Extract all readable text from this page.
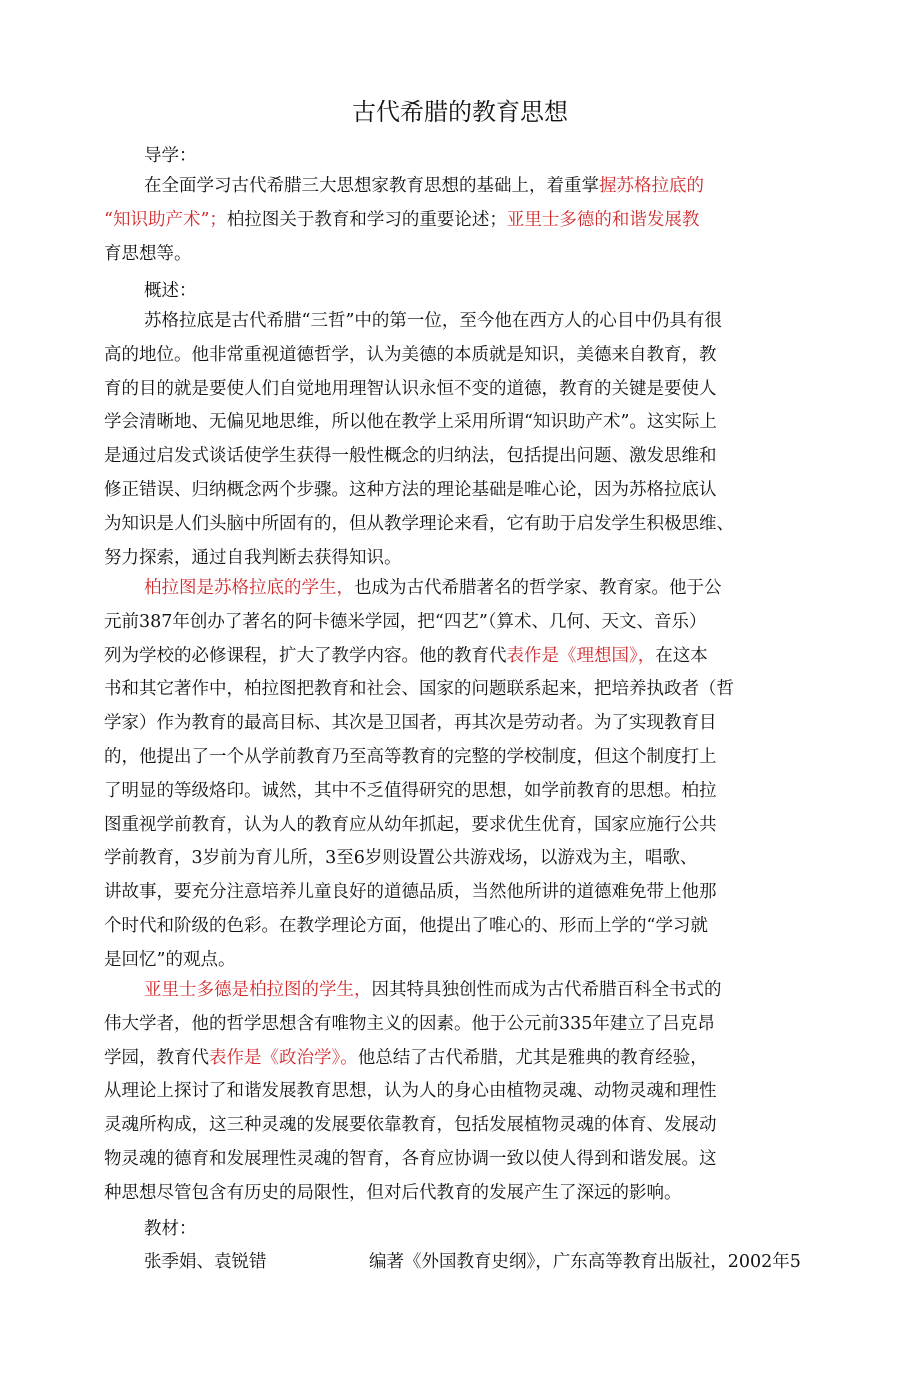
古代希腊的教育思想
导学：
在全面学习古代希腊三大思想家教育思想的基础上，着重掌握苏格拉底的
“知识助产术”；柏拉图关于教育和学习的重要论述；亚里士多德的和谐发展教
育思想等。
概述：
苏格拉底是古代希腊“三哲”中的第一位，至今他在西方人的心目中仍具有很
高的地位。他非常重视道德哲学，认为美德的本质就是知识，美德来自教育，教
育的目的就是要使人们自觉地用理智认识永恒不变的道德，教育的关键是要使人
学会清晰地、无偏见地思维，所以他在教学上采用所谓“知识助产术”。这实际上
是通过启发式谈话使学生获得一般性概念的归纳法，包括提出问题、激发思维和
修正错误、归纳概念两个步骤。这种方法的理论基础是唯心论，因为苏格拉底认
为知识是人们头脑中所固有的，但从教学理论来看，它有助于启发学生积极思维、
努力探索，通过自我判断去获得知识。
柏拉图是苏格拉底的学生，也成为古代希腊著名的哲学家、教育家。他于公
元前387年创办了著名的阿卡德米学园，把“四艺”（算术、几何、天文、音乐）
列为学校的必修课程，扩大了教学内容。他的教育代表作是《理想国》，在这本
书和其它著作中，柏拉图把教育和社会、国家的问题联系起来，把培养执政者（哲
学家）作为教育的最高目标、其次是卫国者，再其次是劳动者。为了实现教育目
的，他提出了一个从学前教育乃至高等教育的完整的学校制度，但这个制度打上
了明显的等级烙印。诚然，其中不乏值得研究的思想，如学前教育的思想。柏拉
图重视学前教育，认为人的教育应从幼年抓起，要求优生优育，国家应施行公共
学前教育，3岁前为育儿所，3至6岁则设置公共游戏场，以游戏为主，唱歌、
讲故事，要充分注意培养儿童良好的道德品质，当然他所讲的道德难免带上他那
个时代和阶级的色彩。在教学理论方面，他提出了唯心的、形而上学的“学习就
是回忆”的观点。
亚里士多德是柏拉图的学生，因其特具独创性而成为古代希腊百科全书式的
伟大学者，他的哲学思想含有唯物主义的因素。他于公元前335年建立了吕克昂
学园，教育代表作是《政治学》。他总结了古代希腊，尤其是雅典的教育经验，
从理论上探讨了和谐发展教育思想，认为人的身心由植物灵魂、动物灵魂和理性
灵魂所构成，这三种灵魂的发展要依靠教育，包括发展植物灵魂的体育、发展动
物灵魂的德育和发展理性灵魂的智育，各育应协调一致以使人得到和谐发展。这
种思想尽管包含有历史的局限性，但对后代教育的发展产生了深远的影响。
教材：
张季娟、袁锐错	编著《外国教育史纲》，广东高等教育出版社，2002年5
